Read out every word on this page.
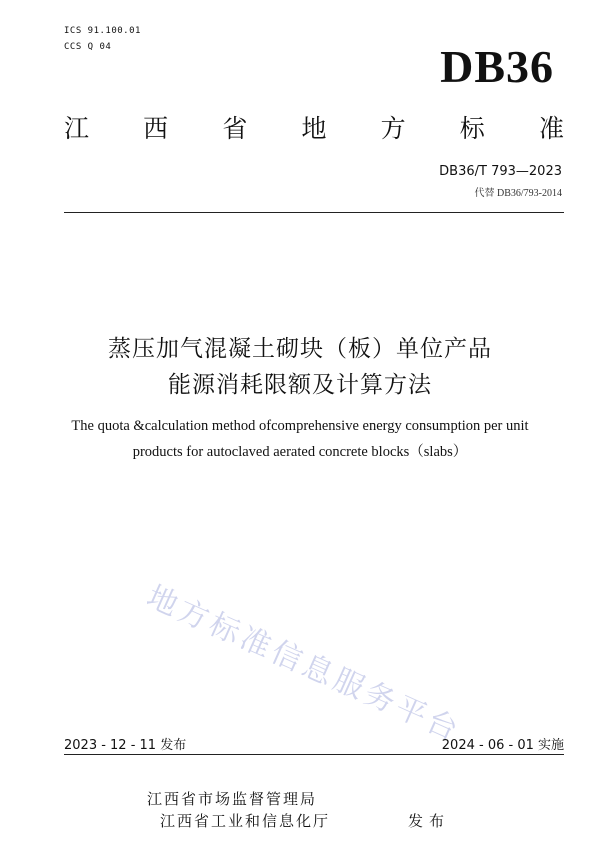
ICS 91.100.01
CCS Q 04	DB36
江 西 省 地 方 标 准
DB36/T 793—2023
代替 DB36/793-2014
蒸压加气混凝土砌块（板）单位产品
能源消耗限额及计算方法
The quota &calculation method ofcomprehensive energy consumption per unit
products for autoclaved aerated concrete blocks（slabs）
地方标准信息服务平台
2023 - 12 - 11 发布	2024 - 06 - 01 实施
江西省市场监督管理局
江西省工业和信息化厅	发布
